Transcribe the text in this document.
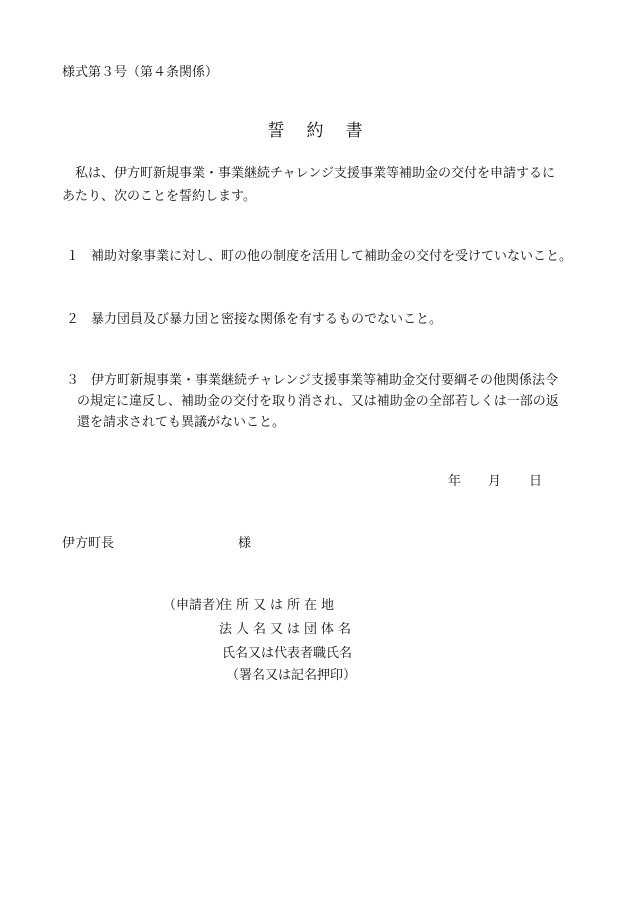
様式第３号（第４条関係）
誓約書
　私は、伊方町新規事業・事業継続チャレンジ支援事業等補助金の交付を申請するに
あたり、次のことを誓約します。
１ 補助対象事業に対し、町の他の制度を活用して補助金の交付を受けていないこと。
２ 暴力団員及び暴力団と密接な関係を有するものでないこと。
３ 伊方町新規事業・事業継続チャレンジ支援事業等補助金交付要綱その他関係法令
の規定に違反し、補助金の交付を取り消され、又は補助金の全部若しくは一部の返
還を請求されても異議がないこと。
年 月 日
伊方町長	様
（申請者）
住所又は所在地
法人名又は団体名
氏名又は代表者職氏名
（署名又は記名押印）
